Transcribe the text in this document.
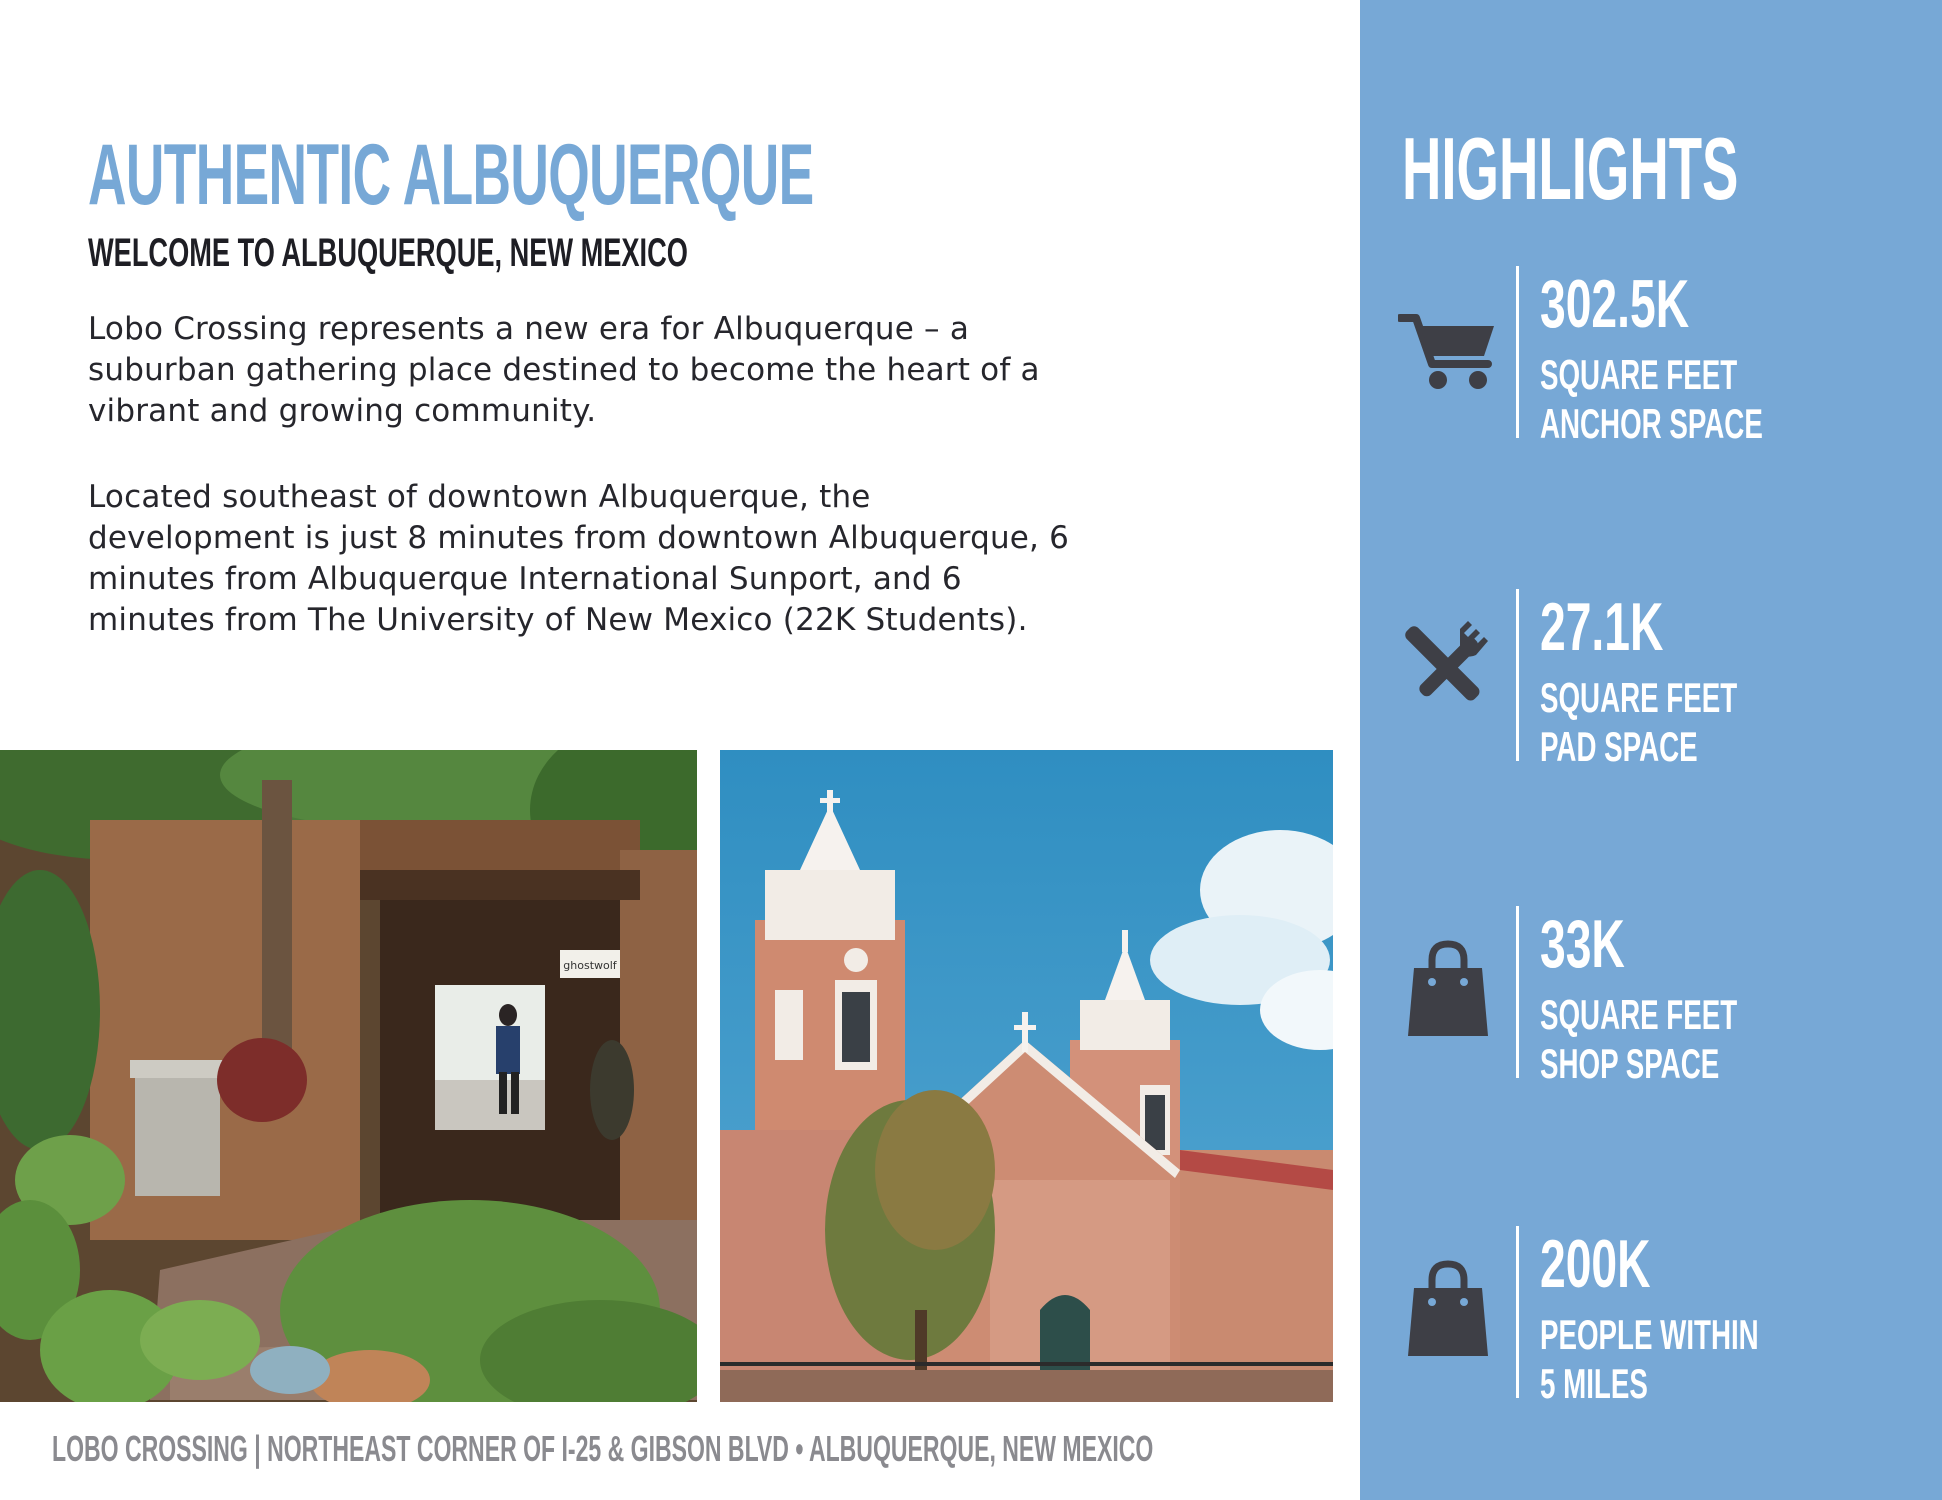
AUTHENTIC ALBUQUERQUE
WELCOME TO ALBUQUERQUE, NEW MEXICO

Lobo Crossing represents a new era for Albuquerque – a suburban gathering place destined to become the heart of a vibrant and growing community.

Located southeast of downtown Albuquerque, the development is just 8 minutes from downtown Albuquerque, 6 minutes from Albuquerque International Sunport, and 6 minutes from The University of New Mexico (22K Students).

ghostwolf
LOBO CROSSING | NORTHEAST CORNER OF I-25 & GIBSON BLVD • ALBUQUERQUE, NEW MEXICO
HIGHLIGHTS
302.5K
SQUARE FEET
ANCHOR SPACE
27.1K
SQUARE FEET
PAD SPACE
33K
SQUARE FEET
SHOP SPACE
200K
PEOPLE WITHIN
5 MILES
